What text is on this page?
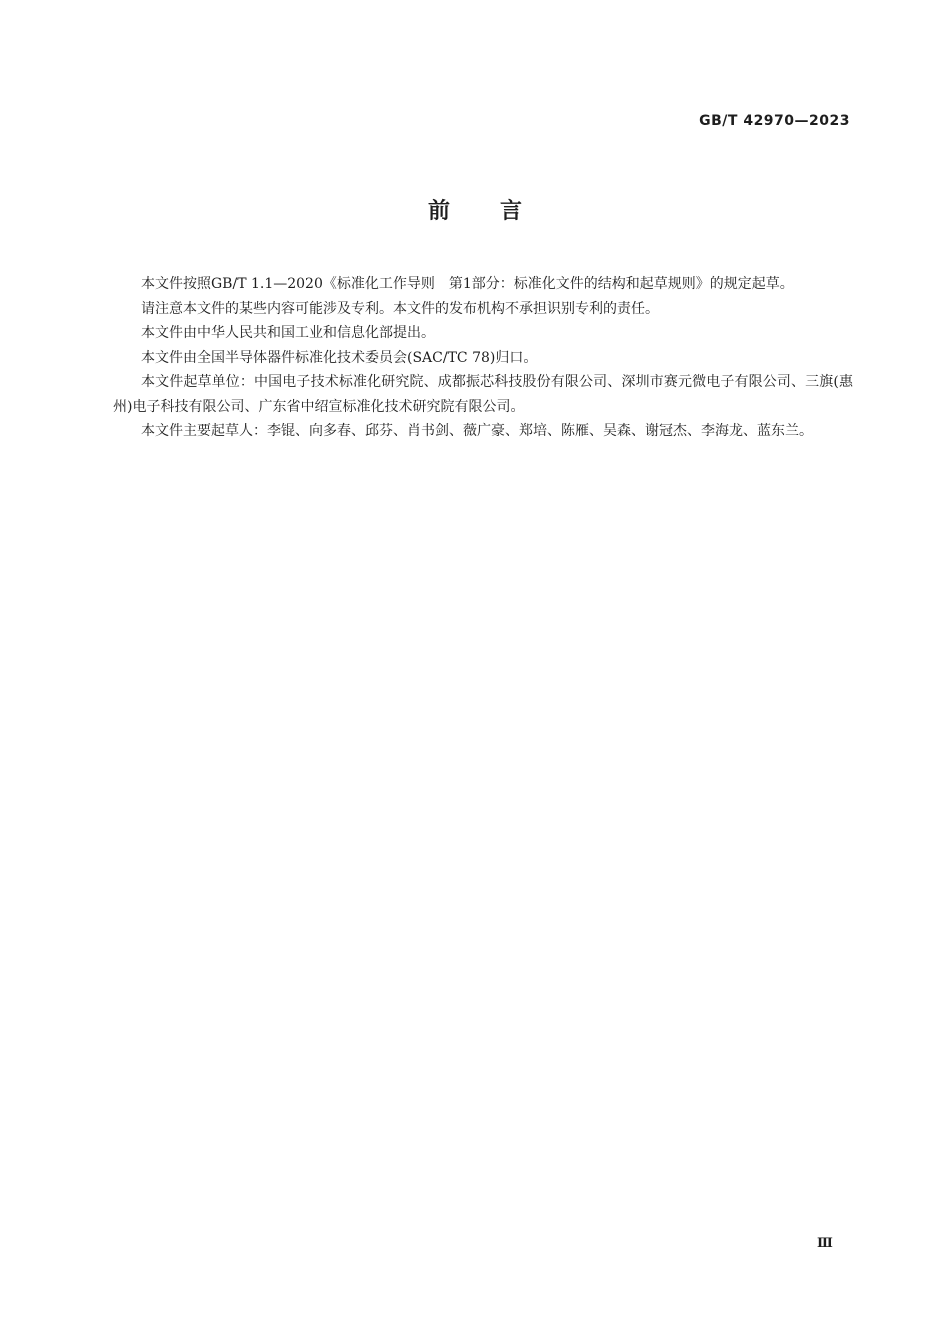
GB/T 42970—2023
前言

本文件按照GB/T 1.1—2020《标准化工作导则　第1部分：标准化文件的结构和起草规则》的规定起草。

请注意本文件的某些内容可能涉及专利。本文件的发布机构不承担识别专利的责任。

本文件由中华人民共和国工业和信息化部提出。

本文件由全国半导体器件标准化技术委员会(SAC/TC 78)归口。

本文件起草单位：中国电子技术标准化研究院、成都振芯科技股份有限公司、深圳市赛元微电子有限公司、三旗(惠州)电子科技有限公司、广东省中绍宣标准化技术研究院有限公司。

本文件主要起草人：李锟、向多春、邱芬、肖书剑、薇广豪、郑培、陈雁、吴森、谢冠杰、李海龙、蓝东兰。

Ⅲ
